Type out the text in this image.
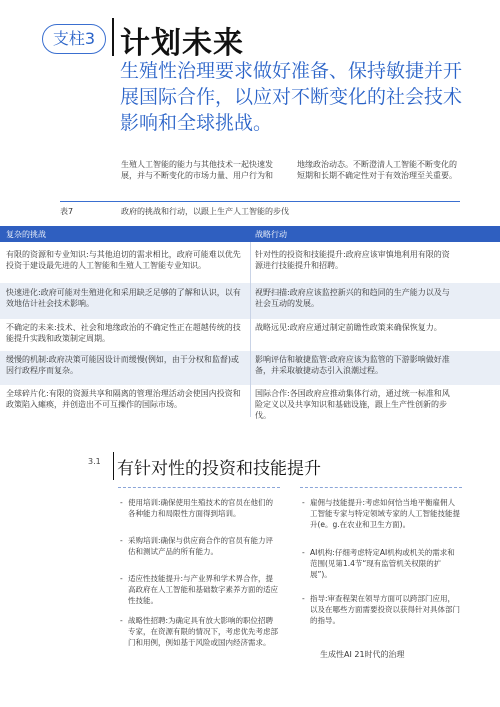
支柱3 计划未来
生殖性治理要求做好准备、保持敏捷并开展国际合作，以应对不断变化的社会技术影响和全球挑战。
生殖人工智能的能力与其他技术一起快速发展，并与不断变化的市场力量、用户行为和
地缘政治动态。不断澄清人工智能不断变化的短期和长期不确定性对于有效治理至关重要。
表7	政府的挑战和行动，以跟上生产人工智能的步伐
复杂的挑战	战略行动
有限的资源和专业知识:与其他迫切的需求相比，政府可能难以优先投资于建设最先进的人工智能和生殖人工智能专业知识。
针对性的投资和技能提升:政府应该审慎地利用有限的资源进行技能提升和招聘。
快速进化:政府可能对生殖进化和采用缺乏足够的了解和认识，以有效地估计社会技术影响。
视野扫描:政府应该监控新兴的和趋同的生产能力以及与社会互动的发展。
不确定的未来:技术、社会和地缘政治的不确定性正在超越传统的技能提升实践和政策制定周期。
战略远见:政府应通过制定前瞻性政策来确保恢复力。
缓慢的机制:政府决策可能因设计而缓慢(例如，由于分权和监督)或因行政程序而复杂。
影响评估和敏捷监管:政府应该为监管的下游影响做好准备，并采取敏捷动态引入浪潮过程。
全球碎片化:有限的资源共享和隔离的管理治理活动会使国内投资和政策陷入瘫痪，并创造出不可互操作的国际市场。
国际合作:各国政府应推动集体行动，通过统一标准和风险定义以及共享知识和基础设施，跟上生产性创新的步伐。
3.1 有针对性的投资和技能提升
- 使用培训:确保使用生殖技术的官员在他们的各种能力和局限性方面得到培训。
- 采购培训:确保与供应商合作的官员有能力评估和测试产品的所有能力。
- 适应性技能提升:与产业界和学术界合作，提高政府在人工智能和基础数字素养方面的适应性技能。
- 战略性招聘:为确定具有放大影响的职位招聘专家，在资源有限的情况下，考虑优先考虑部门和用例，例如基于风险或国内经济需求。
- 雇佣与技能提升:考虑如何恰当地平衡雇佣人工智能专家与特定领域专家的人工智能技能提升(e。g.在农业和卫生方面)。
- AI机构:仔细考虑特定AI机构或机关的需求和范围(见第1.4节“现有监管机关权限的扩展”)。
- 指导:审查程架在领导方面可以跨部门应用，以及在哪些方面需要投资以获得针对具体部门的指导。
生成性AI 21时代的治理
